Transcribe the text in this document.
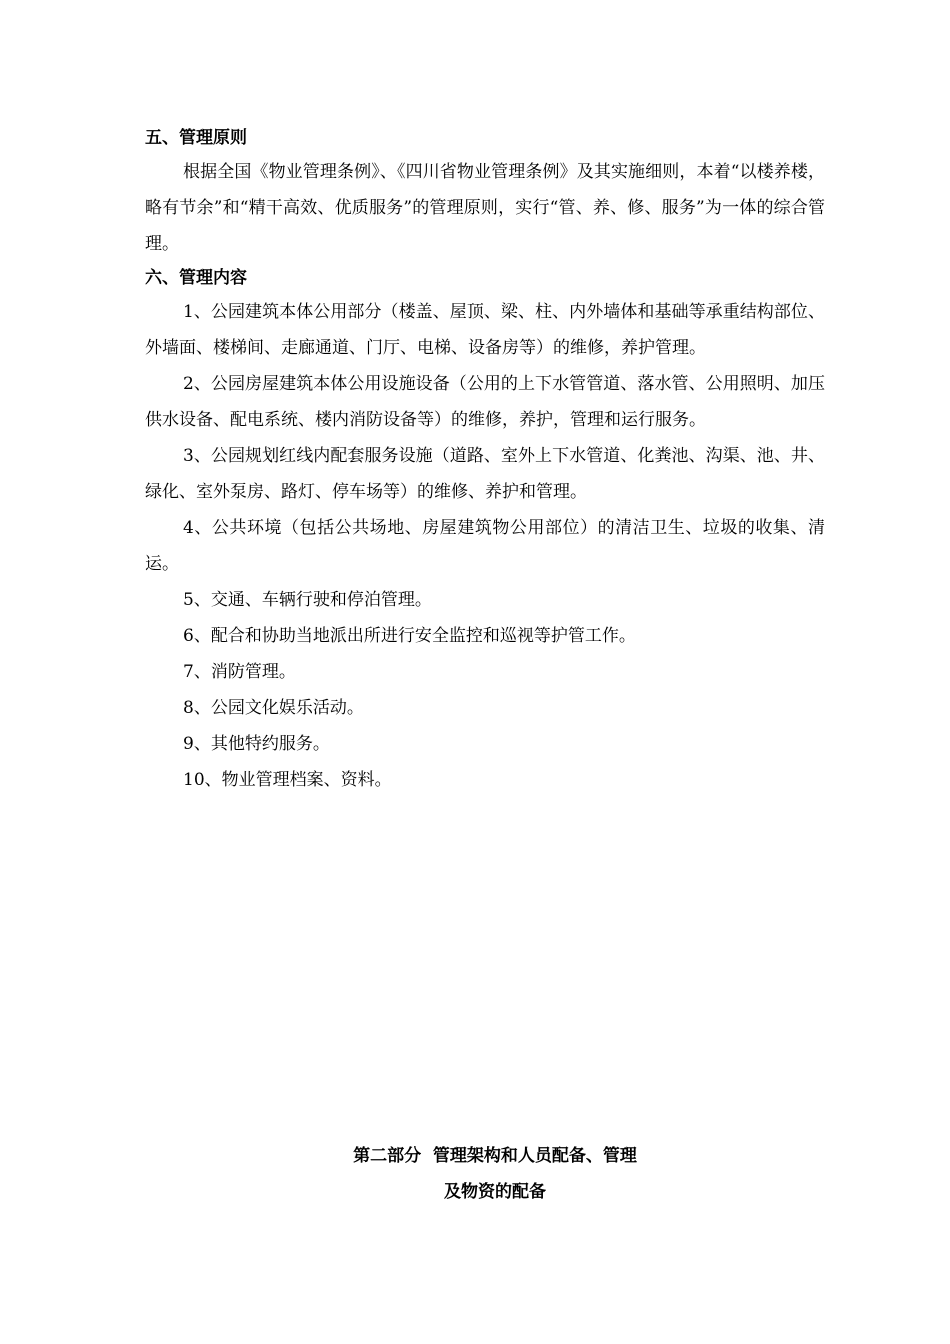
五、管理原则

根据全国《物业管理条例》、《四川省物业管理条例》及其实施细则，本着“以楼养楼，略有节余”和“精干高效、优质服务”的管理原则，实行“管、养、修、服务”为一体的综合管理。

六、管理内容

1、公园建筑本体公用部分（楼盖、屋顶、梁、柱、内外墙体和基础等承重结构部位、外墙面、楼梯间、走廊通道、门厅、电梯、设备房等）的维修，养护管理。

2、公园房屋建筑本体公用设施设备（公用的上下水管管道、落水管、公用照明、加压供水设备、配电系统、楼内消防设备等）的维修，养护，管理和运行服务。

3、公园规划红线内配套服务设施（道路、室外上下水管道、化粪池、沟渠、池、井、绿化、室外泵房、路灯、停车场等）的维修、养护和管理。

4、公共环境（包括公共场地、房屋建筑物公用部位）的清洁卫生、垃圾的收集、清运。

5、交通、车辆行驶和停泊管理。

6、配合和协助当地派出所进行安全监控和巡视等护管工作。

7、消防管理。

8、公园文化娱乐活动。

9、其他特约服务。

10、物业管理档案、资料。

第二部分  管理架构和人员配备、管理
及物资的配备
